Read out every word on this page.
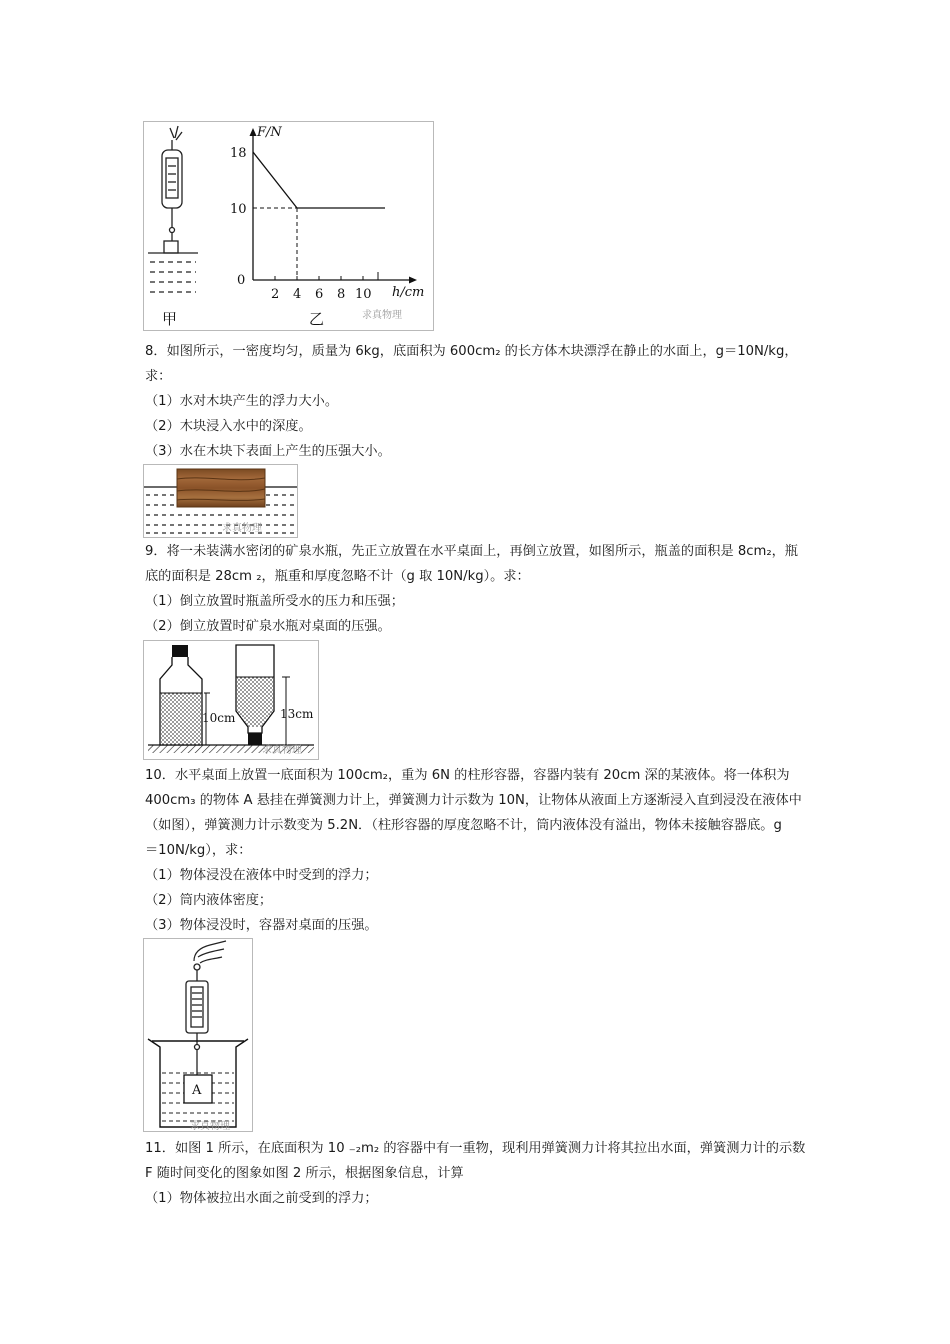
甲
F/N
18
10
0
2 4 6 8 10 h/cm
乙	求真物理
8．如图所示，一密度均匀，质量为 6kg，底面积为 600cm₂ 的长方体木块漂浮在静止的水面上，g＝10N/kg，
求：
（1）水对木块产生的浮力大小。
（2）木块浸入水中的深度。
（3）水在木块下表面上产生的压强大小。
求真物理
9．将一未装满水密闭的矿泉水瓶，先正立放置在水平桌面上，再倒立放置，如图所示，瓶盖的面积是 8cm₂，瓶
底的面积是 28cm ₂，瓶重和厚度忽略不计（g 取 10N/kg）。求：
（1）倒立放置时瓶盖所受水的压力和压强；
（2）倒立放置时矿泉水瓶对桌面的压强。
10cm	13cm
求真物理
10．水平桌面上放置一底面积为 100cm₂，重为 6N 的柱形容器，容器内装有 20cm 深的某液体。将一体积为
400cm₃ 的物体 A 悬挂在弹簧测力计上，弹簧测力计示数为 10N，让物体从液面上方逐渐浸入直到浸没在液体中
（如图），弹簧测力计示数变为 5.2N．（柱形容器的厚度忽略不计，筒内液体没有溢出，物体未接触容器底。g
＝10N/kg），求：
（1）物体浸没在液体中时受到的浮力；
（2）筒内液体密度；
（3）物体浸没时，容器对桌面的压强。
A
求真物理
11．如图 1 所示，在底面积为 10 ₋₂m₂ 的容器中有一重物，现利用弹簧测力计将其拉出水面，弹簧测力计的示数
F 随时间变化的图象如图 2 所示，根据图象信息，计算
（1）物体被拉出水面之前受到的浮力；
